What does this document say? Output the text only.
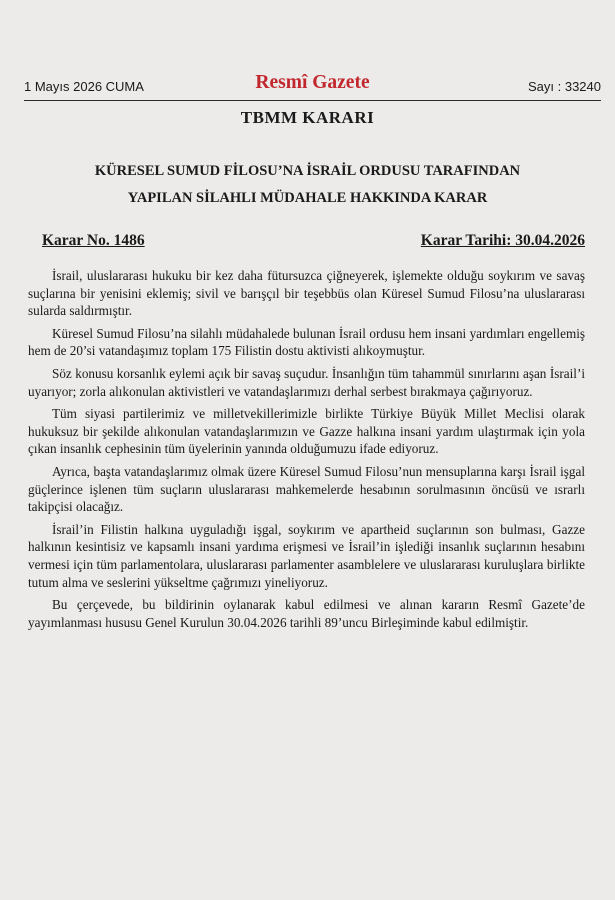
1 Mayıs 2026 CUMA	Resmî Gazete	Sayı : 33240
TBMM KARARI
KÜRESEL SUMUD FİLOSU’NA İSRAİL ORDUSU TARAFINDAN
YAPILAN SİLAHLI MÜDAHALE HAKKINDA KARAR
Karar No. 1486	Karar Tarihi: 30.04.2026

İsrail, uluslararası hukuku bir kez daha fütursuzca çiğneyerek, işlemekte olduğu soykırım ve savaş suçlarına bir yenisini eklemiş; sivil ve barışçıl bir teşebbüs olan Küresel Sumud Filosu’na uluslararası sularda saldırmıştır.

Küresel Sumud Filosu’na silahlı müdahalede bulunan İsrail ordusu hem insani yardımları engellemiş hem de 20’si vatandaşımız toplam 175 Filistin dostu aktivisti alıkoymuştur.

Söz konusu korsanlık eylemi açık bir savaş suçudur. İnsanlığın tüm tahammül sınırlarını aşan İsrail’i uyarıyor; zorla alıkonulan aktivistleri ve vatandaşlarımızı derhal serbest bırakmaya çağırıyoruz.

Tüm siyasi partilerimiz ve milletvekillerimizle birlikte Türkiye Büyük Millet Meclisi olarak hukuksuz bir şekilde alıkonulan vatandaşlarımızın ve Gazze halkına insani yardım ulaştırmak için yola çıkan insanlık cephesinin tüm üyelerinin yanında olduğumuzu ifade ediyoruz.

Ayrıca, başta vatandaşlarımız olmak üzere Küresel Sumud Filosu’nun mensuplarına karşı İsrail işgal güçlerince işlenen tüm suçların uluslararası mahkemelerde hesabının sorulmasının öncüsü ve ısrarlı takipçisi olacağız.

İsrail’in Filistin halkına uyguladığı işgal, soykırım ve apartheid suçlarının son bulması, Gazze halkının kesintisiz ve kapsamlı insani yardıma erişmesi ve İsrail’in işlediği insanlık suçlarının hesabını vermesi için tüm parlamentolara, uluslararası parlamenter asamblelere ve uluslararası kuruluşlara birlikte tutum alma ve seslerini yükseltme çağrımızı yineliyoruz.

Bu çerçevede, bu bildirinin oylanarak kabul edilmesi ve alınan kararın Resmî Gazete’de yayımlanması hususu Genel Kurulun 30.04.2026 tarihli 89’uncu Birleşiminde kabul edilmiştir.
